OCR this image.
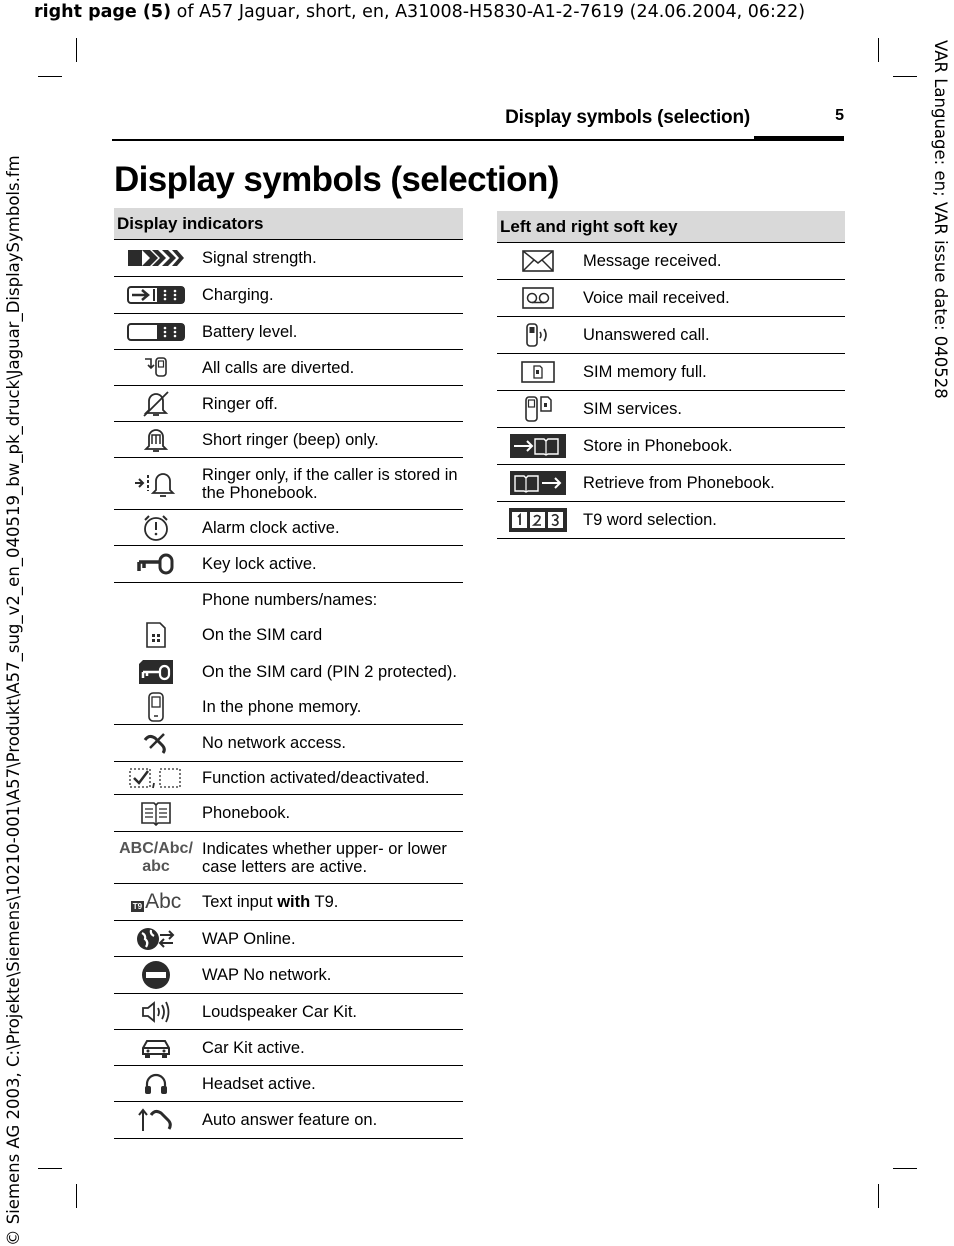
right page (5) of A57 Jaguar, short, en, A31008-H5830-A1-2-7619 (24.06.2004, 06:22)
© Siemens AG 2003, C:\Projekte\Siemens\10210-001\A57\Produkt\A57_sug_v2_en_040519_bw_pk_druck\Jaguar_DisplaySymbols.fm	VAR Language: en; VAR issue date: 040528
Display symbols (selection)	5
Display symbols (selection)
Display indicators	
	Signal strength.
	Charging.
	Battery level.
	All calls are diverted.
	Ringer off.
	Short ringer (beep) only.
	Ringer only, if the caller is stored in the Phonebook.
	Alarm clock active.
	Key lock active.
	Phone numbers/names:
	On the SIM card
	On the SIM card (PIN 2 protected).
	In the phone memory.
	No network access.
	Function activated/deactivated.
	Phonebook.

ABC/Abc/
abc	Indicates whether upper- or lower case letters are active.

T9 Abc	Text input with T9.
	WAP Online.
	WAP No network.
	Loudspeaker Car Kit.
	Car Kit active.
	Headset active.
	Auto answer feature on.
Left and right soft key	
	Message received.
	Voice mail received.
	Unanswered call.
	SIM memory full.
	SIM services.
	Store in Phonebook.
	Retrieve from Phonebook.
	T9 word selection.
